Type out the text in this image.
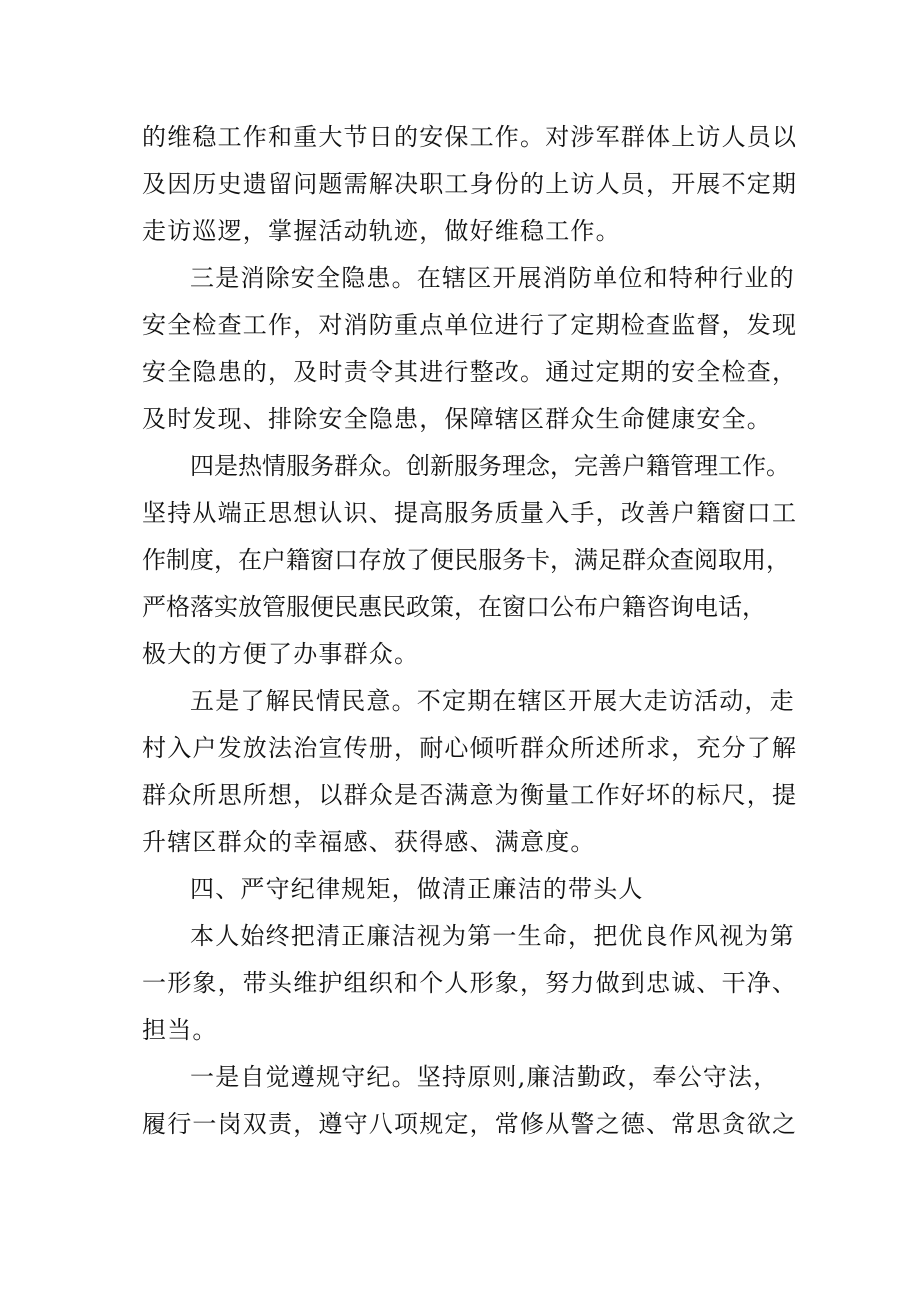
的维稳工作和重大节日的安保工作。对涉军群体上访人员以
及因历史遗留问题需解决职工身份的上访人员，开展不定期
走访巡逻，掌握活动轨迹，做好维稳工作。
三是消除安全隐患。在辖区开展消防单位和特种行业的
安全检查工作，对消防重点单位进行了定期检查监督，发现
安全隐患的，及时责令其进行整改。通过定期的安全检查，
及时发现、排除安全隐患，保障辖区群众生命健康安全。
四是热情服务群众。创新服务理念，完善户籍管理工作。
坚持从端正思想认识、提高服务质量入手，改善户籍窗口工
作制度，在户籍窗口存放了便民服务卡，满足群众查阅取用，
严格落实放管服便民惠民政策，在窗口公布户籍咨询电话，
极大的方便了办事群众。
五是了解民情民意。不定期在辖区开展大走访活动，走
村入户发放法治宣传册，耐心倾听群众所述所求，充分了解
群众所思所想，以群众是否满意为衡量工作好坏的标尺，提
升辖区群众的幸福感、获得感、满意度。
四、严守纪律规矩，做清正廉洁的带头人
本人始终把清正廉洁视为第一生命，把优良作风视为第
一形象，带头维护组织和个人形象，努力做到忠诚、干净、
担当。
一是自觉遵规守纪。坚持原则,廉洁勤政，奉公守法，
履行一岗双责，遵守八项规定，常修从警之德、常思贪欲之
